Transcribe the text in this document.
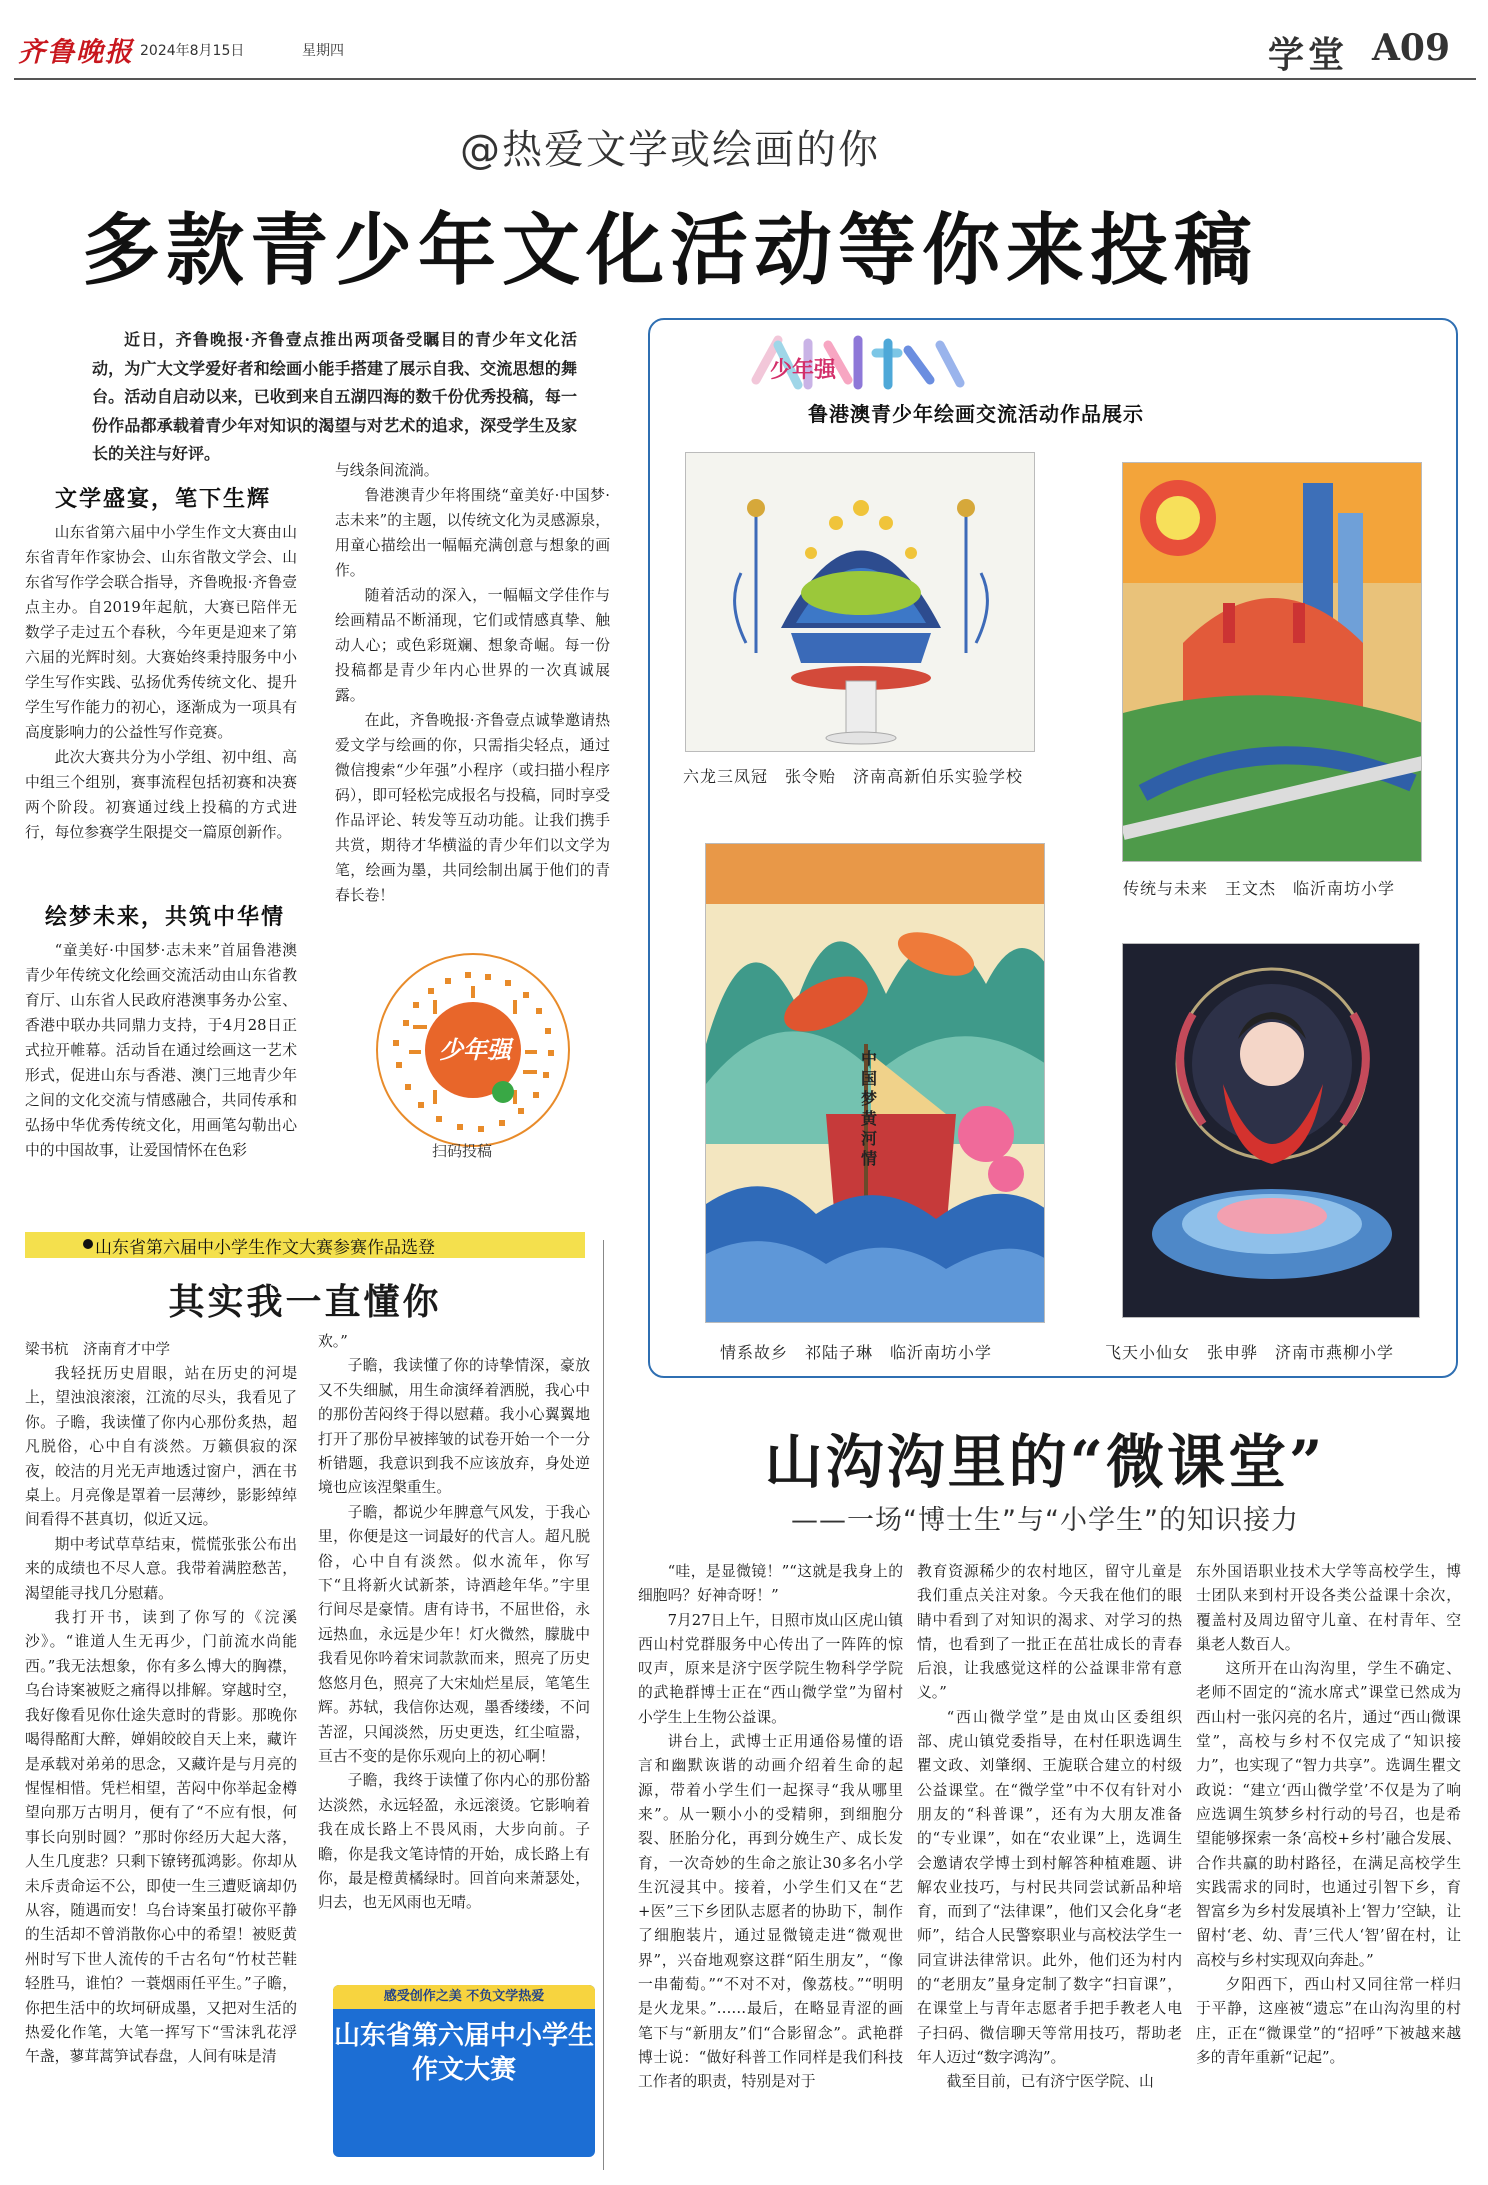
齐鲁晚报 2024年8月15日	星期四	学堂 A09
@热爱文学或绘画的你
多款青少年文化活动等你来投稿

近日，齐鲁晚报·齐鲁壹点推出两项备受瞩目的青少年文化活动，为广大文学爱好者和绘画小能手搭建了展示自我、交流思想的舞台。活动自启动以来，已收到来自五湖四海的数千份优秀投稿，每一份作品都承载着青少年对知识的渴望与对艺术的追求，深受学生及家长的关注与好评。

文学盛宴，笔下生辉

山东省第六届中小学生作文大赛由山东省青年作家协会、山东省散文学会、山东省写作学会联合指导，齐鲁晚报·齐鲁壹点主办。自2019年起航，大赛已陪伴无数学子走过五个春秋，今年更是迎来了第六届的光辉时刻。大赛始终秉持服务中小学生写作实践、弘扬优秀传统文化、提升学生写作能力的初心，逐渐成为一项具有高度影响力的公益性写作竞赛。

此次大赛共分为小学组、初中组、高中组三个组别，赛事流程包括初赛和决赛两个阶段。初赛通过线上投稿的方式进行，每位参赛学生限提交一篇原创新作。

绘梦未来，共筑中华情

“童美好·中国梦·志未来”首届鲁港澳青少年传统文化绘画交流活动由山东省教育厅、山东省人民政府港澳事务办公室、香港中联办共同鼎力支持，于4月28日正式拉开帷幕。活动旨在通过绘画这一艺术形式，促进山东与香港、澳门三地青少年之间的文化交流与情感融合，共同传承和弘扬中华优秀传统文化，用画笔勾勒出心中的中国故事，让爱国情怀在色彩

与线条间流淌。

鲁港澳青少年将围绕“童美好·中国梦·志未来”的主题，以传统文化为灵感源泉，用童心描绘出一幅幅充满创意与想象的画作。

随着活动的深入，一幅幅文学佳作与绘画精品不断涌现，它们或情感真挚、触动人心；或色彩斑斓、想象奇崛。每一份投稿都是青少年内心世界的一次真诚展露。

在此，齐鲁晚报·齐鲁壹点诚挚邀请热爱文学与绘画的你，只需指尖轻点，通过微信搜索“少年强”小程序（或扫描小程序码），即可轻松完成报名与投稿，同时享受作品评论、转发等互动功能。让我们携手共赏，期待才华横溢的青少年们以文学为笔，绘画为墨，共同绘制出属于他们的青春长卷！

少年强
扫码投稿
少年强
鲁港澳青少年绘画交流活动作品展示
六龙三凤冠　张令贻　济南高新伯乐实验学校
传统与未来　王文杰　临沂南坊小学
中国梦黄河情
情系故乡　祁陆子琳　临沂南坊小学	飞天小仙女　张申骅　济南市燕柳小学
山东省第六届中小学生作文大赛参赛作品选登
其实我一直懂你
梁书杭　济南育才中学

我轻抚历史眉眼，站在历史的河堤上，望浊浪滚滚，江流的尽头，我看见了你。子瞻，我读懂了你内心那份炙热，超凡脱俗，心中自有淡然。万籁俱寂的深夜，皎洁的月光无声地透过窗户，洒在书桌上。月亮像是罩着一层薄纱，影影绰绰间看得不甚真切，似近又远。

期中考试草草结束，慌慌张张公布出来的成绩也不尽人意。我带着满腔愁苦，渴望能寻找几分慰藉。

我打开书，读到了你写的《浣溪沙》。“谁道人生无再少，门前流水尚能西。”我无法想象，你有多么博大的胸襟，乌台诗案被贬之痛得以排解。穿越时空，我好像看见你仕途失意时的背影。那晚你喝得酩酊大醉，婵娟皎皎自天上来，藏许是承载对弟弟的思念，又藏许是与月亮的惺惺相惜。凭栏相望，苦闷中你举起金樽望向那万古明月，便有了“不应有恨，何事长向别时圆？”那时你经历大起大落，人生几度悲？只剩下镣铐孤鸿影。你却从未斥责命运不公，即使一生三遭贬谪却仍从容，随遇而安！乌台诗案虽打破你平静的生活却不曾消散你心中的希望！被贬黄州时写下世人流传的千古名句“竹杖芒鞋轻胜马，谁怕？一蓑烟雨任平生。”子瞻，你把生活中的坎坷研成墨，又把对生活的热爱化作笔，大笔一挥写下“雪沫乳花浮午盏，蓼茸蒿笋试春盘，人间有味是清

欢。”

子瞻，我读懂了你的诗挚情深，豪放又不失细腻，用生命演绎着洒脱，我心中的那份苦闷终于得以慰藉。我小心翼翼地打开了那份早被摔皱的试卷开始一个一分析错题，我意识到我不应该放弃，身处逆境也应该涅槃重生。

子瞻，都说少年脾意气风发，于我心里，你便是这一词最好的代言人。超凡脱俗，心中自有淡然。似水流年，你写下“且将新火试新茶，诗酒趁年华。”宇里行间尽是豪情。唐有诗书，不屈世俗，永远热血，永远是少年！灯火微然，朦胧中我看见你吟着宋词款款而来，照亮了历史悠悠月色，照亮了大宋灿烂星辰，笔笔生辉。苏轼，我信你达观，墨香缕缕，不问苦涩，只闻淡然，历史更迭，红尘喧嚣，亘古不变的是你乐观向上的初心啊！

子瞻，我终于读懂了你内心的那份豁达淡然，永远轻盈，永远滚烫。它影响着我在成长路上不畏风雨，大步向前。子瞻，你是我文笔诗情的开始，成长路上有你，最是橙黄橘绿时。回首向来萧瑟处，归去，也无风雨也无晴。

感受创作之美 不负文学热爱
山东省第六届中小学生作文大赛
山沟沟里的“微课堂”
——一场“博士生”与“小学生”的知识接力

“哇，是显微镜！”“这就是我身上的细胞吗？好神奇呀！”

7月27日上午，日照市岚山区虎山镇西山村党群服务中心传出了一阵阵的惊叹声，原来是济宁医学院生物科学学院的武艳群博士正在“西山微学堂”为留村小学生上生物公益课。

讲台上，武博士正用通俗易懂的语言和幽默诙谐的动画介绍着生命的起源，带着小学生们一起探寻“我从哪里来”。从一颗小小的受精卵，到细胞分裂、胚胎分化，再到分娩生产、成长发育，一次奇妙的生命之旅让30多名小学生沉浸其中。接着，小学生们又在“艺+医”三下乡团队志愿者的协助下，制作了细胞装片，通过显微镜走进“微观世界”，兴奋地观察这群“陌生朋友”，“像一串葡萄。”“不对不对，像荔枝。”“明明是火龙果。”……最后，在略显青涩的画笔下与“新朋友”们“合影留念”。武艳群博士说：“做好科普工作同样是我们科技工作者的职责，特别是对于

教育资源稀少的农村地区，留守儿童是我们重点关注对象。今天我在他们的眼睛中看到了对知识的渴求、对学习的热情，也看到了一批正在茁壮成长的青春后浪，让我感觉这样的公益课非常有意义。”

“西山微学堂”是由岚山区委组织部、虎山镇党委指导，在村任职选调生瞿文政、刘肇纲、王旎联合建立的村级公益课堂。在“微学堂”中不仅有针对小朋友的“科普课”，还有为大朋友准备的“专业课”，如在“农业课”上，选调生会邀请农学博士到村解答种植难题、讲解农业技巧，与村民共同尝试新品种培育，而到了“法律课”，他们又会化身“老师”，结合人民警察职业与高校法学生一同宣讲法律常识。此外，他们还为村内的“老朋友”量身定制了数字“扫盲课”，在课堂上与青年志愿者手把手教老人电子扫码、微信聊天等常用技巧，帮助老年人迈过“数字鸿沟”。

截至目前，已有济宁医学院、山

东外国语职业技术大学等高校学生，博士团队来到村开设各类公益课十余次，覆盖村及周边留守儿童、在村青年、空巢老人数百人。

这所开在山沟沟里，学生不确定、老师不固定的“流水席式”课堂已然成为西山村一张闪亮的名片，通过“西山微课堂”，高校与乡村不仅完成了“知识接力”，也实现了“智力共享”。选调生瞿文政说：“建立‘西山微学堂’不仅是为了响应选调生筑梦乡村行动的号召，也是希望能够探索一条‘高校+乡村’融合发展、合作共赢的助村路径，在满足高校学生实践需求的同时，也通过引智下乡，育智富乡为乡村发展填补上‘智力’空缺，让留村‘老、幼、青’三代人‘智’留在村，让高校与乡村实现双向奔赴。”

夕阳西下，西山村又同往常一样归于平静，这座被“遗忘”在山沟沟里的村庄，正在“微课堂”的“招呼”下被越来越多的青年重新“记起”。
